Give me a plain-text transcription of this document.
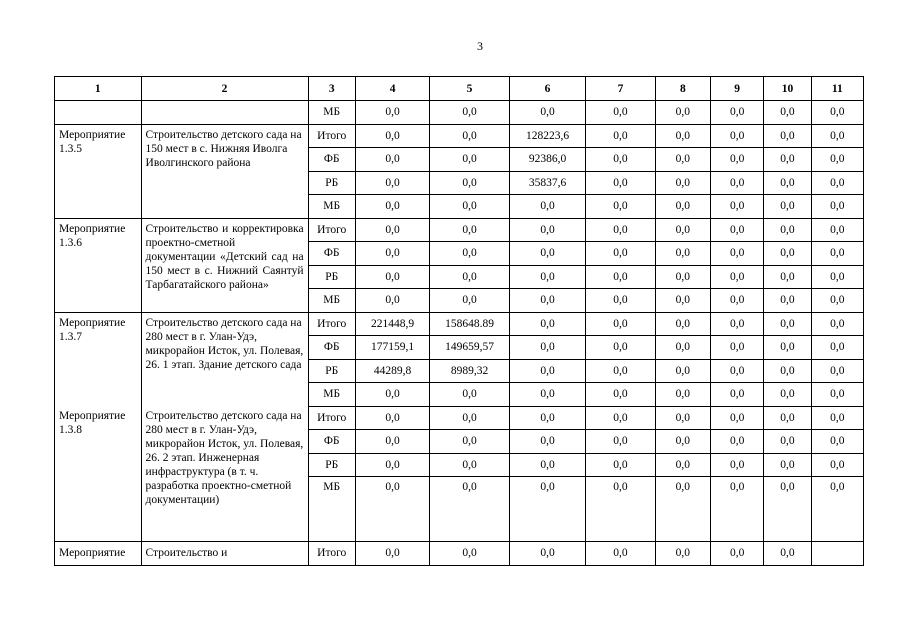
3
1	2	3	4	5	6	7	8	9	10	11
		МБ	0,0	0,0	0,0	0,0	0,0	0,0	0,0	0,0
Мероприятие 1.3.5	Строительство детского сада на 150 мест в с. Нижняя Иволга Иволгинского района	Итого	0,0	0,0	128223,6	0,0	0,0	0,0	0,0	0,0
		ФБ	0,0	0,0	92386,0	0,0	0,0	0,0	0,0	0,0
		РБ	0,0	0,0	35837,6	0,0	0,0	0,0	0,0	0,0
		МБ	0,0	0,0	0,0	0,0	0,0	0,0	0,0	0,0
Мероприятие 1.3.6	Строительство и корректировка проектно-сметной документации «Детский сад на 150 мест в с. Нижний Саянтуй Тарбагатайского района»	Итого	0,0	0,0	0,0	0,0	0,0	0,0	0,0	0,0
		ФБ	0,0	0,0	0,0	0,0	0,0	0,0	0,0	0,0
		РБ	0,0	0,0	0,0	0,0	0,0	0,0	0,0	0,0
		МБ	0,0	0,0	0,0	0,0	0,0	0,0	0,0	0,0
Мероприятие 1.3.7	Строительство детского сада на 280 мест в г. Улан-Удэ, микрорайон Исток, ул. Полевая, 26. 1 этап. Здание детского сада	Итого	221448,9	158648.89	0,0	0,0	0,0	0,0	0,0	0,0
		ФБ	177159,1	149659,57	0,0	0,0	0,0	0,0	0,0	0,0
		РБ	44289,8	8989,32	0,0	0,0	0,0	0,0	0,0	0,0
		МБ	0,0	0,0	0,0	0,0	0,0	0,0	0,0	0,0
Мероприятие 1.3.8	Строительство детского сада на 280 мест в г. Улан-Удэ, микрорайон Исток, ул. Полевая, 26. 2 этап. Инженерная инфраструктура (в т. ч. разработка проектно-сметной документации)	Итого	0,0	0,0	0,0	0,0	0,0	0,0	0,0	0,0
		ФБ	0,0	0,0	0,0	0,0	0,0	0,0	0,0	0,0
		РБ	0,0	0,0	0,0	0,0	0,0	0,0	0,0	0,0
		МБ	0,0	0,0	0,0	0,0	0,0	0,0	0,0	0,0
Мероприятие	Строительство и	Итого	0,0	0,0	0,0	0,0	0,0	0,0	0,0	
